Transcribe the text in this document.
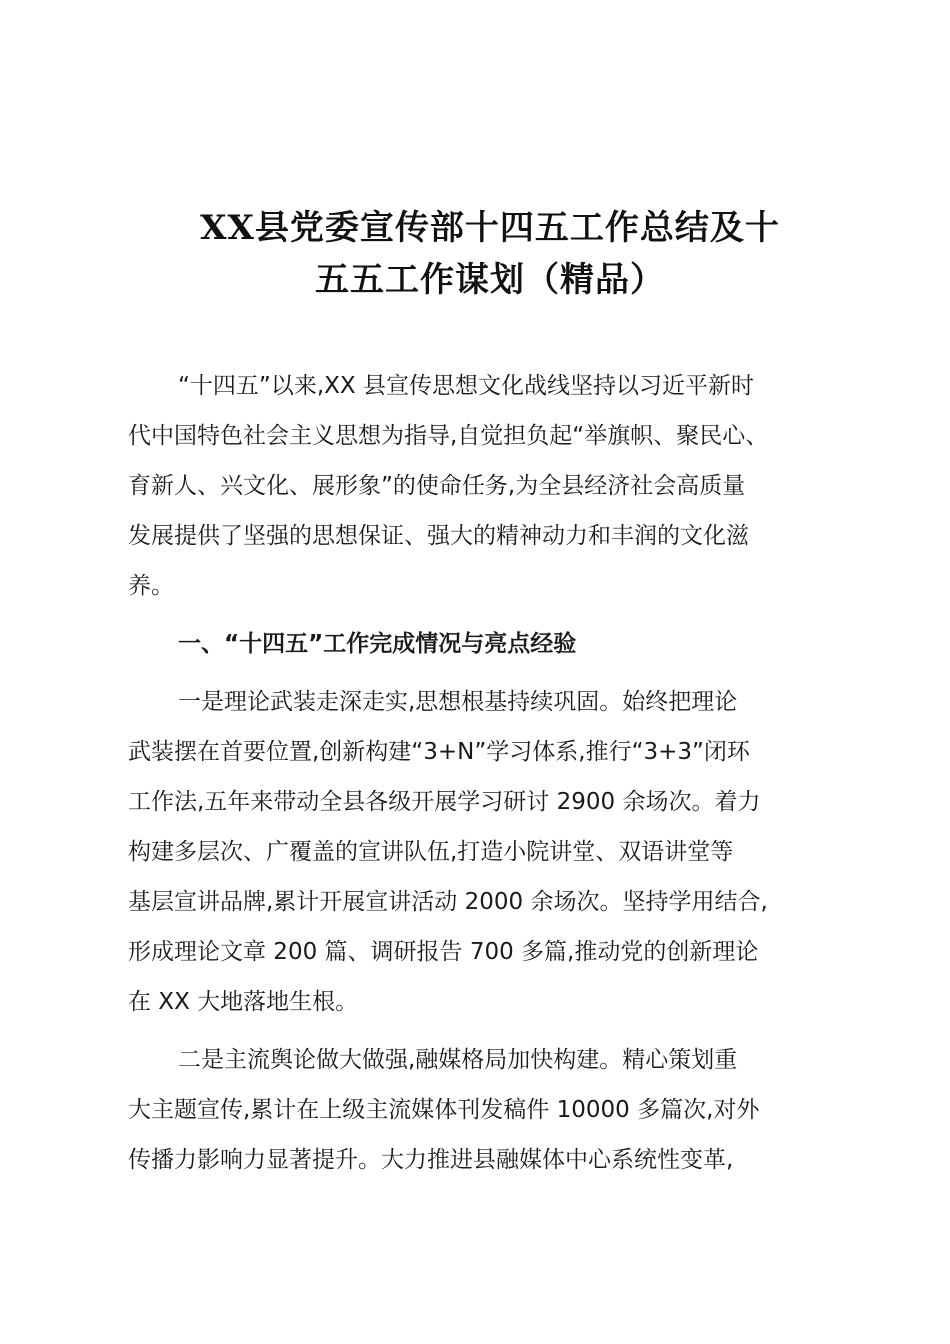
XX县党委宣传部十四五工作总结及十
五五工作谋划（精品）
“十四五”以来,XX 县宣传思想文化战线坚持以习近平新时
代中国特色社会主义思想为指导,自觉担负起“举旗帜、聚民心、
育新人、兴文化、展形象”的使命任务,为全县经济社会高质量
发展提供了坚强的思想保证、强大的精神动力和丰润的文化滋
养。
一、“十四五”工作完成情况与亮点经验
一是理论武装走深走实,思想根基持续巩固。始终把理论
武装摆在首要位置,创新构建“3+N”学习体系,推行“3+3”闭环
工作法,五年来带动全县各级开展学习研讨 2900 余场次。着力
构建多层次、广覆盖的宣讲队伍,打造小院讲堂、双语讲堂等
基层宣讲品牌,累计开展宣讲活动 2000 余场次。坚持学用结合,
形成理论文章 200 篇、调研报告 700 多篇,推动党的创新理论
在 XX 大地落地生根。
二是主流舆论做大做强,融媒格局加快构建。精心策划重
大主题宣传,累计在上级主流媒体刊发稿件 10000 多篇次,对外
传播力影响力显著提升。大力推进县融媒体中心系统性变革,
